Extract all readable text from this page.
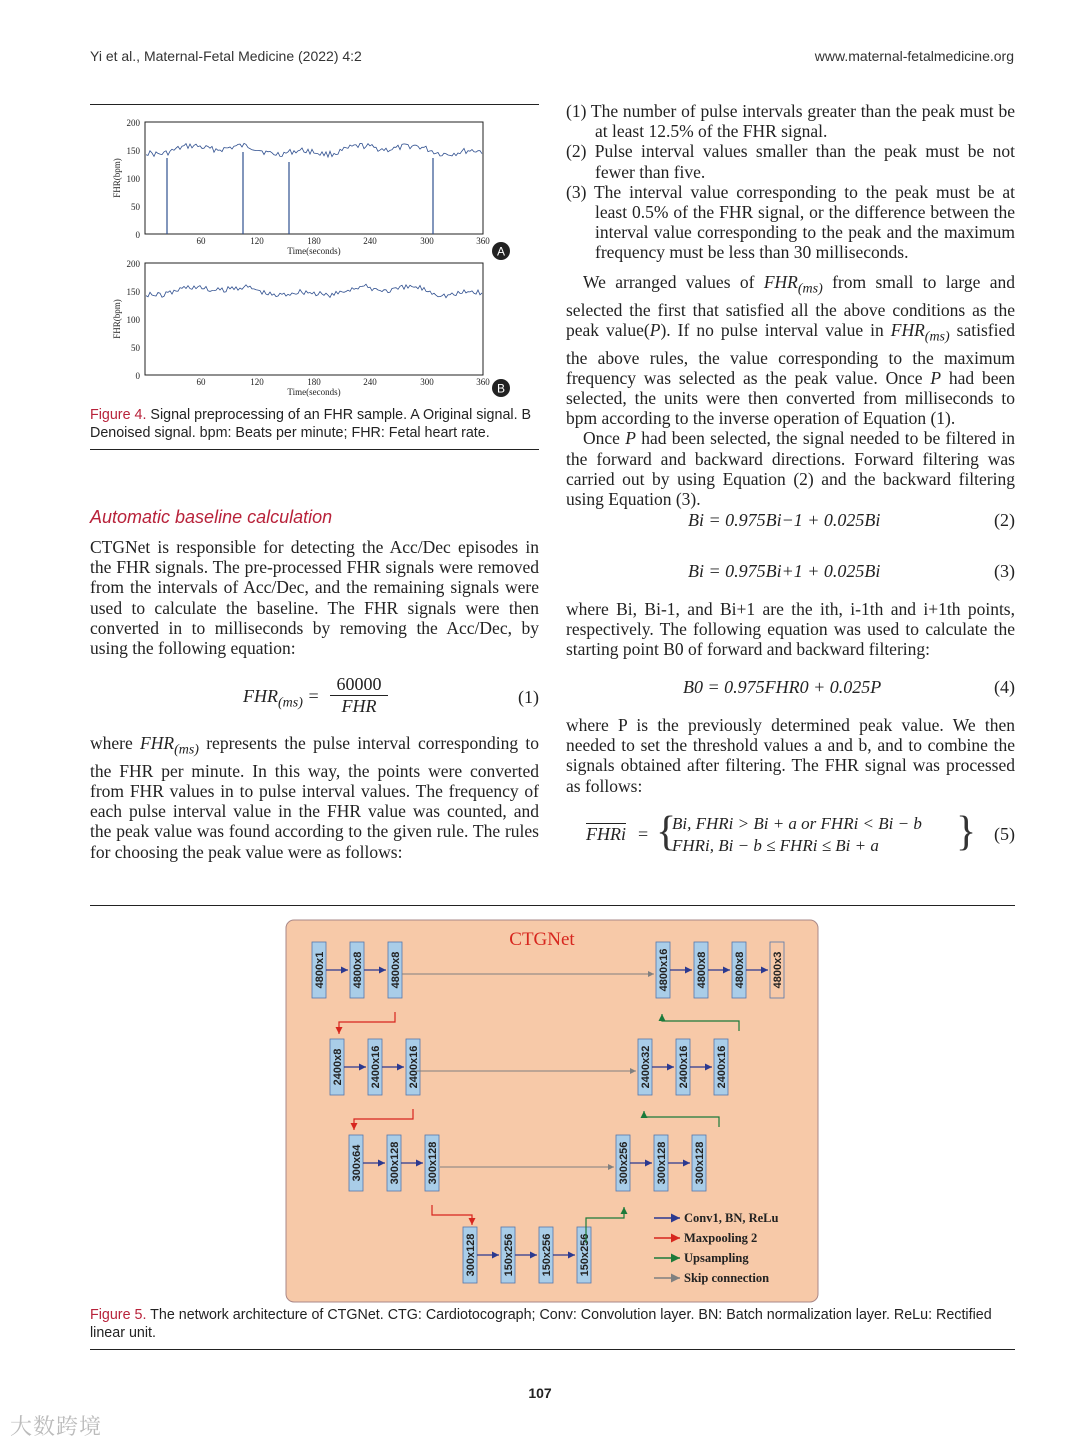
Yi et al., Maternal-Fetal Medicine (2022) 4:2	www.maternal-fetalmedicine.org
200
150
100
50
0
FHR(bpm)
60	120	180	240	300	360
Time(seconds)	A
200
150
100
50
0
FHR(bpm)
60	120	180	240	300	360
Time(seconds)	B
Figure 4. Signal preprocessing of an FHR sample. A Original signal. B Denoised signal. bpm: Beats per minute; FHR: Fetal heart rate.
Automatic baseline calculation
CTGNet is responsible for detecting the Acc/Dec episodes in the FHR signals. The pre-processed FHR signals were removed from the intervals of Acc/Dec, and the remaining signals were used to calculate the baseline. The FHR signals were then converted in to milliseconds by removing the Acc/Dec, by using the following equation:
$FHR_{(ms)}$ =
60000
FHR	(1)
where $FHR_{(ms)}$ represents the pulse interval corresponding to the FHR per minute. In this way, the points were converted from FHR values in to pulse interval values. The frequency of each pulse interval value in the FHR value was counted, and the peak value was found according to the given rule. The rules for choosing the peak value were as follows:
(1) The number of pulse intervals greater than the peak must be at least 12.5% of the FHR signal.
(2) Pulse interval values smaller than the peak must be not fewer than five.
(3) The interval value corresponding to the peak must be at least 0.5% of the FHR signal, or the difference between the interval value corresponding to the peak and the maximum frequency must be less than 30 milliseconds.

We arranged values of $FHR_{(ms)}$ from small to large and selected the first that satisfied all the above conditions as the peak value(P). If no pulse interval value in $FHR_{(ms)}$ satisfied the above rules, the value corresponding to the maximum frequency was selected as the peak value. Once P had been selected, the units were then converted from milliseconds to bpm according to the inverse operation of Equation (1).

Once P had been selected, the signal needed to be filtered in the forward and backward directions. Forward filtering was carried out by using Equation (2) and the backward filtering using Equation (3).

Bi = 0.975Bi−1 + 0.025Bi	(2)
Bi = 0.975Bi+1 + 0.025Bi	(3)
where Bi, Bi-1, and Bi+1 are the ith, i-1th and i+1th points, respectively. The following equation was used to calculate the starting point B0 of forward and backward filtering:
B0 = 0.975FHR0 + 0.025P	(4)
where P is the previously determined peak value. We then needed to set the threshold values a and b, and to combine the signals obtained after filtering. The FHR signal was processed as follows:
FHRi = {
Bi, FHRi > Bi + a or FHRi < Bi − b
FHRi, Bi − b ≤ FHRi ≤ Bi + a } (5)
CTGNet
4800x1 4800x8 4800x8	4800x16 4800x8 4800x8 4800x3
2400x8 2400x16 2400x16	2400x32 2400x16 2400x16
300x64 300x128 300x128	300x256 300x128 300x128
300x128 150x256 150x256 150x256
Conv1, BN, ReLu
Maxpooling 2
Upsampling
Skip connection
Figure 5. The network architecture of CTGNet. CTG: Cardiotocograph; Conv: Convolution layer. BN: Batch normalization layer. ReLu: Rectified linear unit.
107
大数跨境
